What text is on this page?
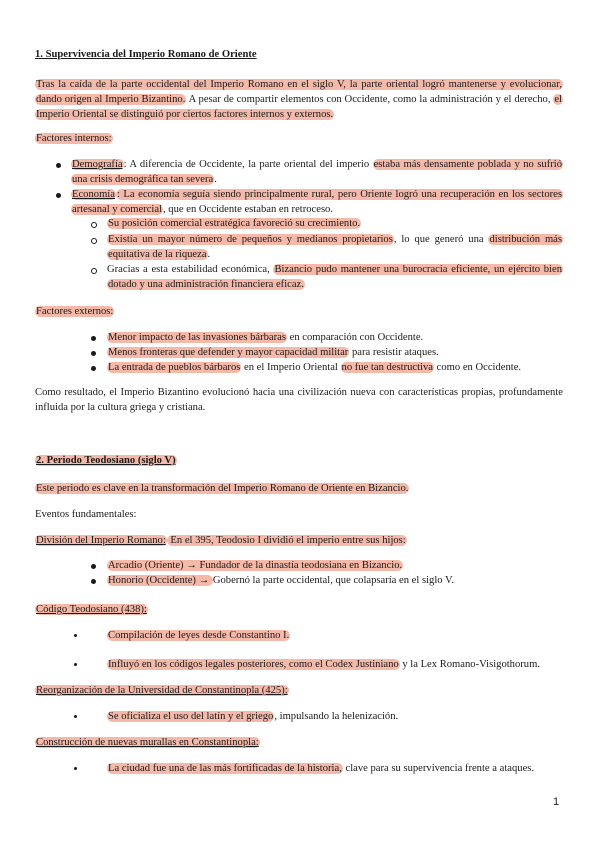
1. Supervivencia del Imperio Romano de Oriente
Tras la caída de la parte occidental del Imperio Romano en el siglo V, la parte oriental logró mantenerse y evolucionar, dando origen al Imperio Bizantino. A pesar de compartir elementos con Occidente, como la administración y el derecho, el Imperio Oriental se distinguió por ciertos factores internos y externos.
Factores internos:
Demografía: A diferencia de Occidente, la parte oriental del imperio estaba más densamente poblada y no sufrió una crisis demográfica tan severa.
Economía : La economía seguía siendo principalmente rural, pero Oriente logró una recuperación en los sectores artesanal y comercial, que en Occidente estaban en retroceso.
Su posición comercial estratégica favoreció su crecimiento.
Existía un mayor número de pequeños y medianos propietarios, lo que generó una distribución más equitativa de la riqueza.
Gracias a esta estabilidad económica, Bizancio pudo mantener una burocracia eficiente, un ejército bien dotado y una administración financiera eficaz.
Factores externos:
Menor impacto de las invasiones bárbaras en comparación con Occidente.
Menos fronteras que defender y mayor capacidad militar para resistir ataques.
La entrada de pueblos bárbaros en el Imperio Oriental no fue tan destructiva como en Occidente.
Como resultado, el Imperio Bizantino evolucionó hacia una civilización nueva con características propias, profundamente influida por la cultura griega y cristiana.
2. Periodo Teodosiano (siglo V)
Este periodo es clave en la transformación del Imperio Romano de Oriente en Bizancio.
Eventos fundamentales:
División del Imperio Romano: En el 395, Teodosio I dividió el imperio entre sus hijos:
Arcadio (Oriente) → Fundador de la dinastía teodosiana en Bizancio.
Honorio (Occidente) → Gobernó la parte occidental, que colapsaría en el siglo V.
Código Teodosiano (438):
Compilación de leyes desde Constantino I.
Influyó en los códigos legales posteriores, como el Codex Justiniano y la Lex Romano-Visigothorum.
Reorganización de la Universidad de Constantinopla (425):
Se oficializa el uso del latín y el griego, impulsando la helenización.
Construcción de nuevas murallas en Constantinopla:
La ciudad fue una de las más fortificadas de la historia, clave para su supervivencia frente a ataques.
1
